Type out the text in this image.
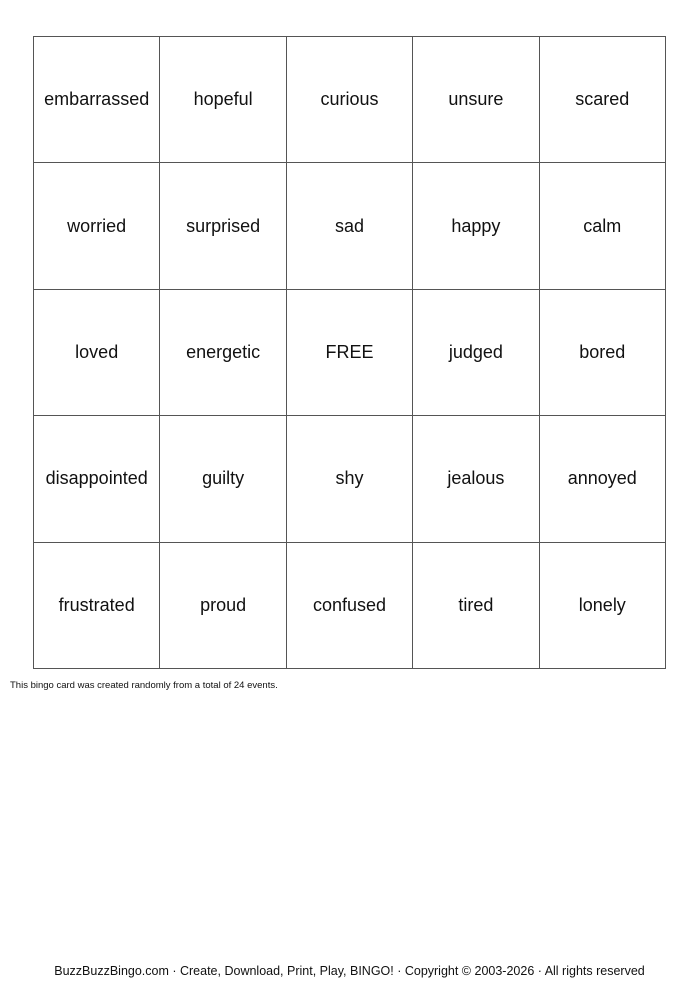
embarrassed	hopeful	curious	unsure	scared
worried	surprised	sad	happy	calm
loved	energetic	FREE	judged	bored
disappointed	guilty	shy	jealous	annoyed
frustrated	proud	confused	tired	lonely
This bingo card was created randomly from a total of 24 events.
BuzzBuzzBingo.com · Create, Download, Print, Play, BINGO! · Copyright © 2003-2026 · All rights reserved
